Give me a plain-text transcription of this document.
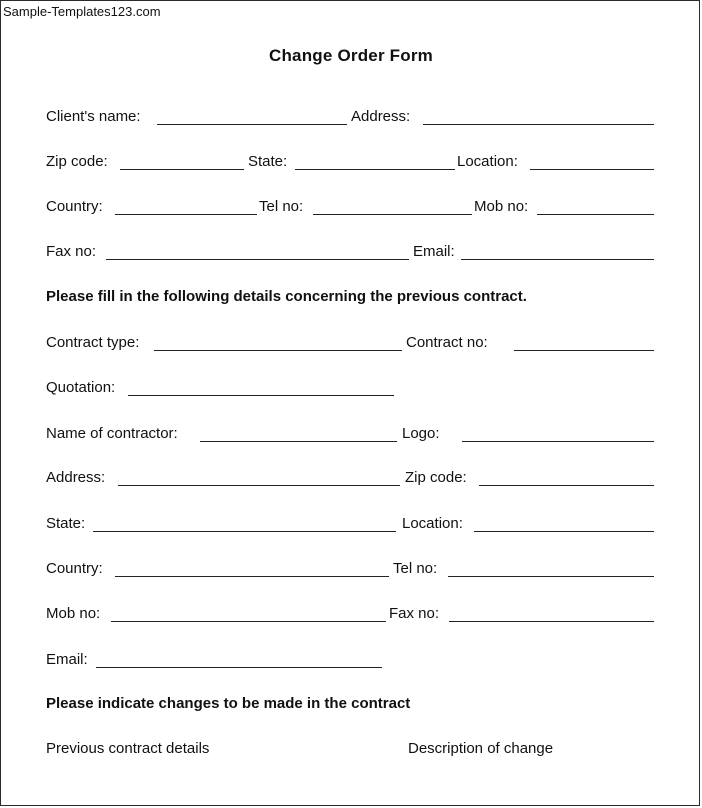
Sample-Templates123.com
Change Order Form
Client's name:	Address:
Zip code:	State:	Location:
Country:	Tel no:	Mob no:
Fax no:	Email:
Please fill in the following details concerning the previous contract.
Contract type:	Contract no:
Quotation:
Name of contractor:	Logo:
Address:	Zip code:
State:	Location:
Country:	Tel no:
Mob no:	Fax no:
Email:
Please indicate changes to be made in the contract
Previous contract details	Description of change
